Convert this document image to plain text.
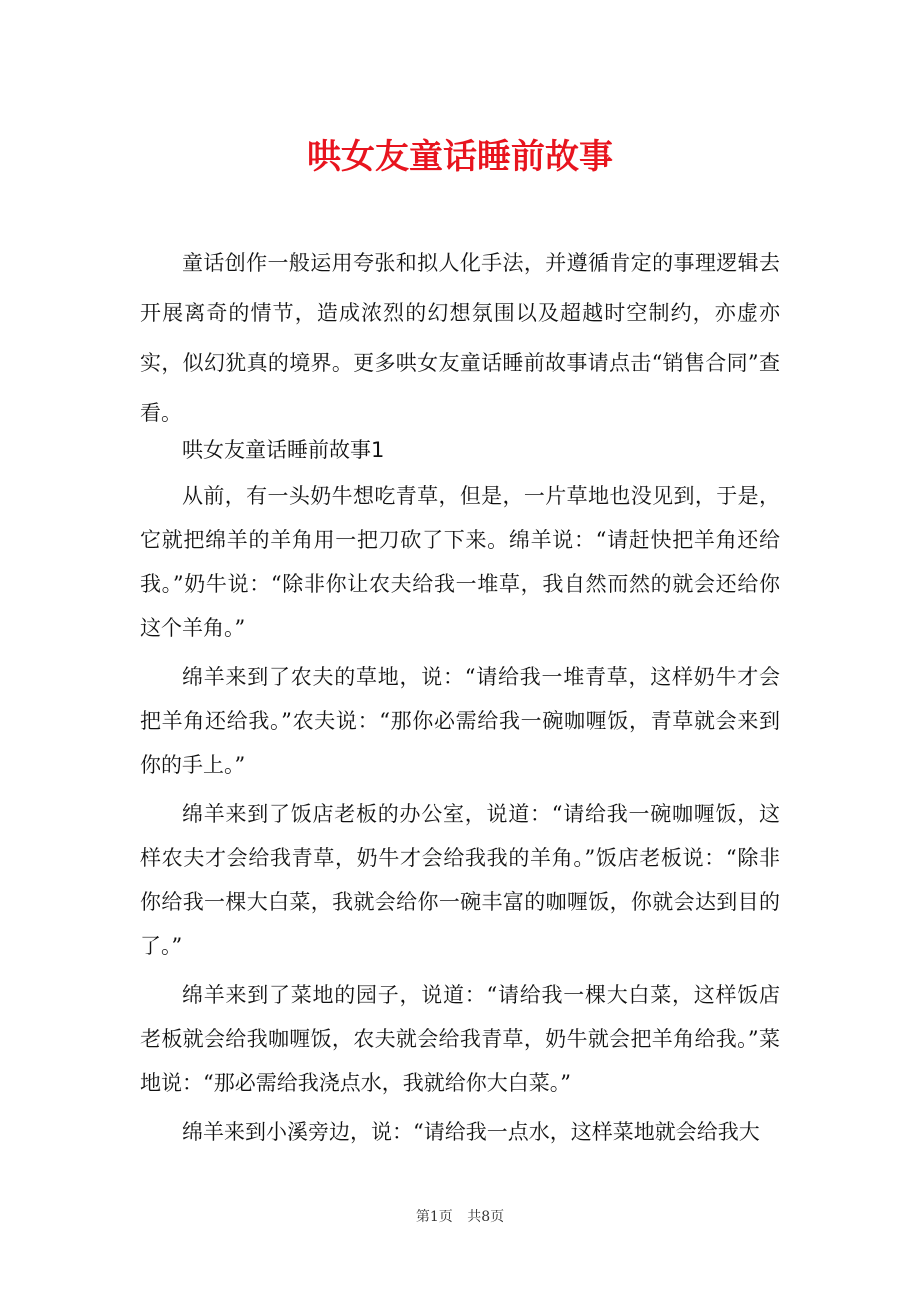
哄女友童话睡前故事

童话创作一般运用夸张和拟人化手法，并遵循肯定的事理逻辑去开展离奇的情节，造成浓烈的幻想氛围以及超越时空制约，亦虚亦实，似幻犹真的境界。更多哄女友童话睡前故事请点击“销售合同”查看。

哄女友童话睡前故事1

从前，有一头奶牛想吃青草，但是，一片草地也没见到，于是，它就把绵羊的羊角用一把刀砍了下来。绵羊说：“请赶快把羊角还给我。”奶牛说：“除非你让农夫给我一堆草，我自然而然的就会还给你这个羊角。”

绵羊来到了农夫的草地，说：“请给我一堆青草，这样奶牛才会把羊角还给我。”农夫说：“那你必需给我一碗咖喱饭，青草就会来到你的手上。”

绵羊来到了饭店老板的办公室，说道：“请给我一碗咖喱饭，这样农夫才会给我青草，奶牛才会给我我的羊角。”饭店老板说：“除非你给我一棵大白菜，我就会给你一碗丰富的咖喱饭，你就会达到目的了。”

绵羊来到了菜地的园子，说道：“请给我一棵大白菜，这样饭店老板就会给我咖喱饭，农夫就会给我青草，奶牛就会把羊角给我。”菜地说：“那必需给我浇点水，我就给你大白菜。”

绵羊来到小溪旁边，说：“请给我一点水，这样菜地就会给我大

第1页 共8页
